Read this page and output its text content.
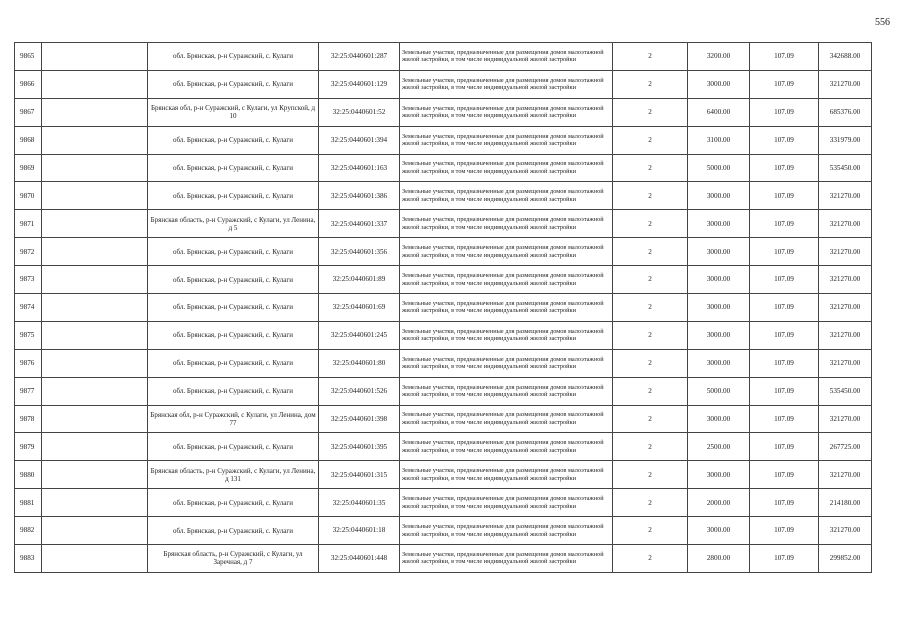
556
9865		обл. Брянская, р-н Суражский, с. Кулаги	32:25:0440601:287	Земельные участки, предназначенные для размещения домов малоэтажной жилой застройки, в том числе индивидуальной жилой застройки	2	3200.00	107.09	342688.00
9866		обл. Брянская, р-н Суражский, с. Кулаги	32:25:0440601:129	Земельные участки, предназначенные для размещения домов малоэтажной жилой застройки, в том числе индивидуальной жилой застройки	2	3000.00	107.09	321270.00
9867		Брянская обл, р-н Суражский, с Кулаги, ул Крупской, д 10	32:25:0440601:52	Земельные участки, предназначенные для размещения домов малоэтажной жилой застройки, в том числе индивидуальной жилой застройки	2	6400.00	107.09	685376.00
9868		обл. Брянская, р-н Суражский, с. Кулаги	32:25:0440601:394	Земельные участки, предназначенные для размещения домов малоэтажной жилой застройки, в том числе индивидуальной жилой застройки	2	3100.00	107.09	331979.00
9869		обл. Брянская, р-н Суражский, с. Кулаги	32:25:0440601:163	Земельные участки, предназначенные для размещения домов малоэтажной жилой застройки, в том числе индивидуальной жилой застройки	2	5000.00	107.09	535450.00
9870		обл. Брянская, р-н Суражский, с. Кулаги	32:25:0440601:386	Земельные участки, предназначенные для размещения домов малоэтажной жилой застройки, в том числе индивидуальной жилой застройки	2	3000.00	107.09	321270.00
9871		Брянская область, р-н Суражский, с Кулаги, ул Ленина, д 5	32:25:0440601:337	Земельные участки, предназначенные для размещения домов малоэтажной жилой застройки, в том числе индивидуальной жилой застройки	2	3000.00	107.09	321270.00
9872		обл. Брянская, р-н Суражский, с. Кулаги	32:25:0440601:356	Земельные участки, предназначенные для размещения домов малоэтажной жилой застройки, в том числе индивидуальной жилой застройки	2	3000.00	107.09	321270.00
9873		обл. Брянская, р-н Суражский, с. Кулаги	32:25:0440601:89	Земельные участки, предназначенные для размещения домов малоэтажной жилой застройки, в том числе индивидуальной жилой застройки	2	3000.00	107.09	321270.00
9874		обл. Брянская, р-н Суражский, с. Кулаги	32:25:0440601:69	Земельные участки, предназначенные для размещения домов малоэтажной жилой застройки, в том числе индивидуальной жилой застройки	2	3000.00	107.09	321270.00
9875		обл. Брянская, р-н Суражский, с. Кулаги	32:25:0440601:245	Земельные участки, предназначенные для размещения домов малоэтажной жилой застройки, в том числе индивидуальной жилой застройки	2	3000.00	107.09	321270.00
9876		обл. Брянская, р-н Суражский, с. Кулаги	32:25:0440601:80	Земельные участки, предназначенные для размещения домов малоэтажной жилой застройки, в том числе индивидуальной жилой застройки	2	3000.00	107.09	321270.00
9877		обл. Брянская, р-н Суражский, с. Кулаги	32:25:0440601:526	Земельные участки, предназначенные для размещения домов малоэтажной жилой застройки, в том числе индивидуальной жилой застройки	2	5000.00	107.09	535450.00
9878		Брянская обл, р-н Суражский, с Кулаги, ул Ленина, дом 77	32:25:0440601:398	Земельные участки, предназначенные для размещения домов малоэтажной жилой застройки, в том числе индивидуальной жилой застройки	2	3000.00	107.09	321270.00
9879		обл. Брянская, р-н Суражский, с. Кулаги	32:25:0440601:395	Земельные участки, предназначенные для размещения домов малоэтажной жилой застройки, в том числе индивидуальной жилой застройки	2	2500.00	107.09	267725.00
9880		Брянская область, р-н Суражский, с Кулаги, ул Ленина, д 131	32:25:0440601:315	Земельные участки, предназначенные для размещения домов малоэтажной жилой застройки, в том числе индивидуальной жилой застройки	2	3000.00	107.09	321270.00
9881		обл. Брянская, р-н Суражский, с. Кулаги	32:25:0440601:35	Земельные участки, предназначенные для размещения домов малоэтажной жилой застройки, в том числе индивидуальной жилой застройки	2	2000.00	107.09	214180.00
9882		обл. Брянская, р-н Суражский, с. Кулаги	32:25:0440601:18	Земельные участки, предназначенные для размещения домов малоэтажной жилой застройки, в том числе индивидуальной жилой застройки	2	3000.00	107.09	321270.00
9883		Брянская область, р-н Суражский, с Кулаги, ул Заречная, д 7	32:25:0440601:448	Земельные участки, предназначенные для размещения домов малоэтажной жилой застройки, в том числе индивидуальной жилой застройки	2	2800.00	107.09	299852.00
